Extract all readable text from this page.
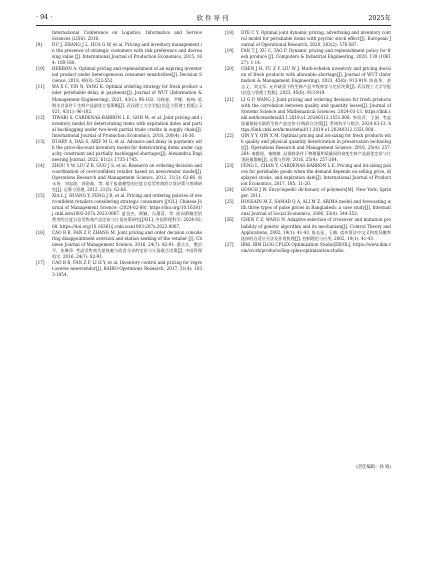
· 94 ·	软件导刊	2025年
International Conference on Logistics, Informatics and Service Sciences (LISS). 2016.
[9]	DU J, ZHANG J L, HUA G W, et al. Pricing and inventory management in the presence of strategic customers with risk preference and decreasing value [J]. International Journal of Production Economics, 2015, 164: 160-166.
[10]	HERBON A. Optimal pricing and replenishment of an expiring inventoried product under heterogeneous consumer sensitivities[J]. Decision Science, 2018, 49(3): 522-552.
[11]	WA X C, YIN N, YANG K. Optimal ordering strategy for fresh product under perishable delay in payments[J]. Journal of WUT (Information & Management Engineering), 2021, 43(1): 96-102. 马晓春，尹娜，杨坤. 延期支付条件下生鲜产品最优订货策略[J]. 武汉理工大学学报(信息与管理工程版), 2021, 43(1): 96-102.
[12]	TIWARI S, CÁRDENAS-BARRÓN L E, GOH M, et al. Joint pricing and inventory model for deteriorating items with expiration dates and partial backlogging under two-level partial trade credits in supply chain[J]. International Journal of Production Economics, 2018, 200(4): 16-36.
[13]	DUARY A, DAS S, ARIF M G, et al. Advance and delay in payments with the price-discount inventory model for deteriorating items under capacity constraint and partially backlogged shortages[J]. Alexandria Engineering Journal, 2022, 61(2): 1735-1745.
[14]	ZHOU Y W, LIU Z B, GUO J S, et al. Research on ordering decision and coordination of overconfident retailer based on newsvendor model[J]. Operations Research and Management Science, 2012, 21(3): 62-66. 周永务，刘忠波，郭金森，等. 基于报童模型的过度自信零售商的订货决策与协调研究[J]. 运筹与管理, 2012, 21(3): 62-66.
[15]	XIA L J, HUANG Y, FENG J R, et al. Pricing and ordering policies of overconfident retailers considering strategic consumers [J/OL]. Chinese Journal of Management Science: (2024-02-08). https://doi.org/10.16381/j.cnki.issn1003-207x.2023.0067. 夏良杰，黄颖，冯璟蓉，等. 面向策略型消费者的过度自信零售商产品定价与订货决策研究[J/OL]. 中国管理科学: 2024-02-08. https://doi.org/10.16381/j.cnki.issn1003-207x.2023.0067.
[16]	CAO B B, FAN Z P, ZHANG M. Joint pricing and order decision considering disappointment aversion and elation seeking of the retailer [J]. Chinese Journal of Management Science, 2016, 24(7): 82-91. 曹兵兵，樊治平，张琳萍. 考虑零售商失望规避与欣喜寻求的定价与订货联合决策[J]. 中国管理科学, 2016, 24(7): 82-91.
[17]	CAO B B, FAN Z P, LI H Y, et al. Inventory control and pricing for regret-averse newsvendor[J]. RAIRO-Operations Research, 2017, 51(4): 1033-1054.
[18]	DYE C Y. Optimal joint dynamic pricing, advertising and inventory control model for perishable items with psychic stock effect[J]. European Journal of Operational Research, 2020, 283(2): 576-587.
[19]	FAN T J, XU C, TAO F. Dynamic pricing and replenishment policy for fresh produce [J]. Computers & Industrial Engineering, 2020, 139 (106127): 1-14.
[20]	CHEN J H, YU Z Y, LIU W J. Multi-echelon inventory and pricing decision of fresh products with allowable shortage[J]. Journal of WUT (Information & Management Engineering), 2023, 45(6): 913-919. 陈嘉华，余志义，刘文军. 允许缺货下的生鲜产品多级库存与定价决策[J]. 武汉理工大学学报(信息与管理工程版), 2023, 45(6): 913-919.
[21]	LI G P, WANG J. Joint pricing and ordering decision for fresh products with the correlation between quality and quantity losses[J]. Journal of Systems Science and Mathematical Sciences, 2024-03-13. https://link.cnki.net/kcms/detail/11.2019.o1.20240312.1551.008. 李贵萍，王娟. 考虑质量损耗关联的生鲜产品定价-订购联合决策[J]. 系统科学与数学, 2024-03-13. https://link.cnki.net/kcms/detail/11.2019.o1.20240312.1551.008.
[22]	QIN Y Y, QIN X M. Optimal pricing and lot-sizing for fresh products with quality and physical quantity deterioration in preservation technology[J]. Operations Research and Management Science, 2016, 25(4): 257-264. 秦毅瑶，秦晓敏. 品保鲜条件下物理量和质量同时衰变生鲜产品最优定价与订货批量策略[J]. 运筹与管理, 2016, 25(4): 257-264.
[23]	FENG L, CHAN Y, CÁRDENAS-BARRÓN L E. Pricing and lot-sizing polices for perishable goods when the demand depends on selling price, displayed stocks, and expiration date[J]. International Journal of Production Economics, 2017, 185: 11-20.
[24]	GOOCH J W. Encyclopedic dictionary of polymers[M]. New York: Springer, 2011.
[25]	HOSSAIN M Z, SAMAD Q A, ALI M Z. ARIMA model and forecasting with three types of pulse prices in Bangladesh: a case study[J]. International Journal of Social Economics, 2006, 33(4): 344-353.
[26]	CHEN C Z, WANG N. Adaptive selection of crossover and mutation probability of genetic algorithm and its mechanism[J]. Control Theory and Applications, 2002, 19(1): 41-43. 陈长征，王楠. 遗传算法中交叉和变异概率选择的自适应方法及作用机理[J]. 控制理论与应用, 2002, 19(1): 41-43.
[27]	IBM. IBM ILOG CPLEX Optimization Studio[EB/OL]. https://www.ibm.com/cn-zh/products/ilog-cplex-optimization-studio.
(责任编辑：孙 娟)
